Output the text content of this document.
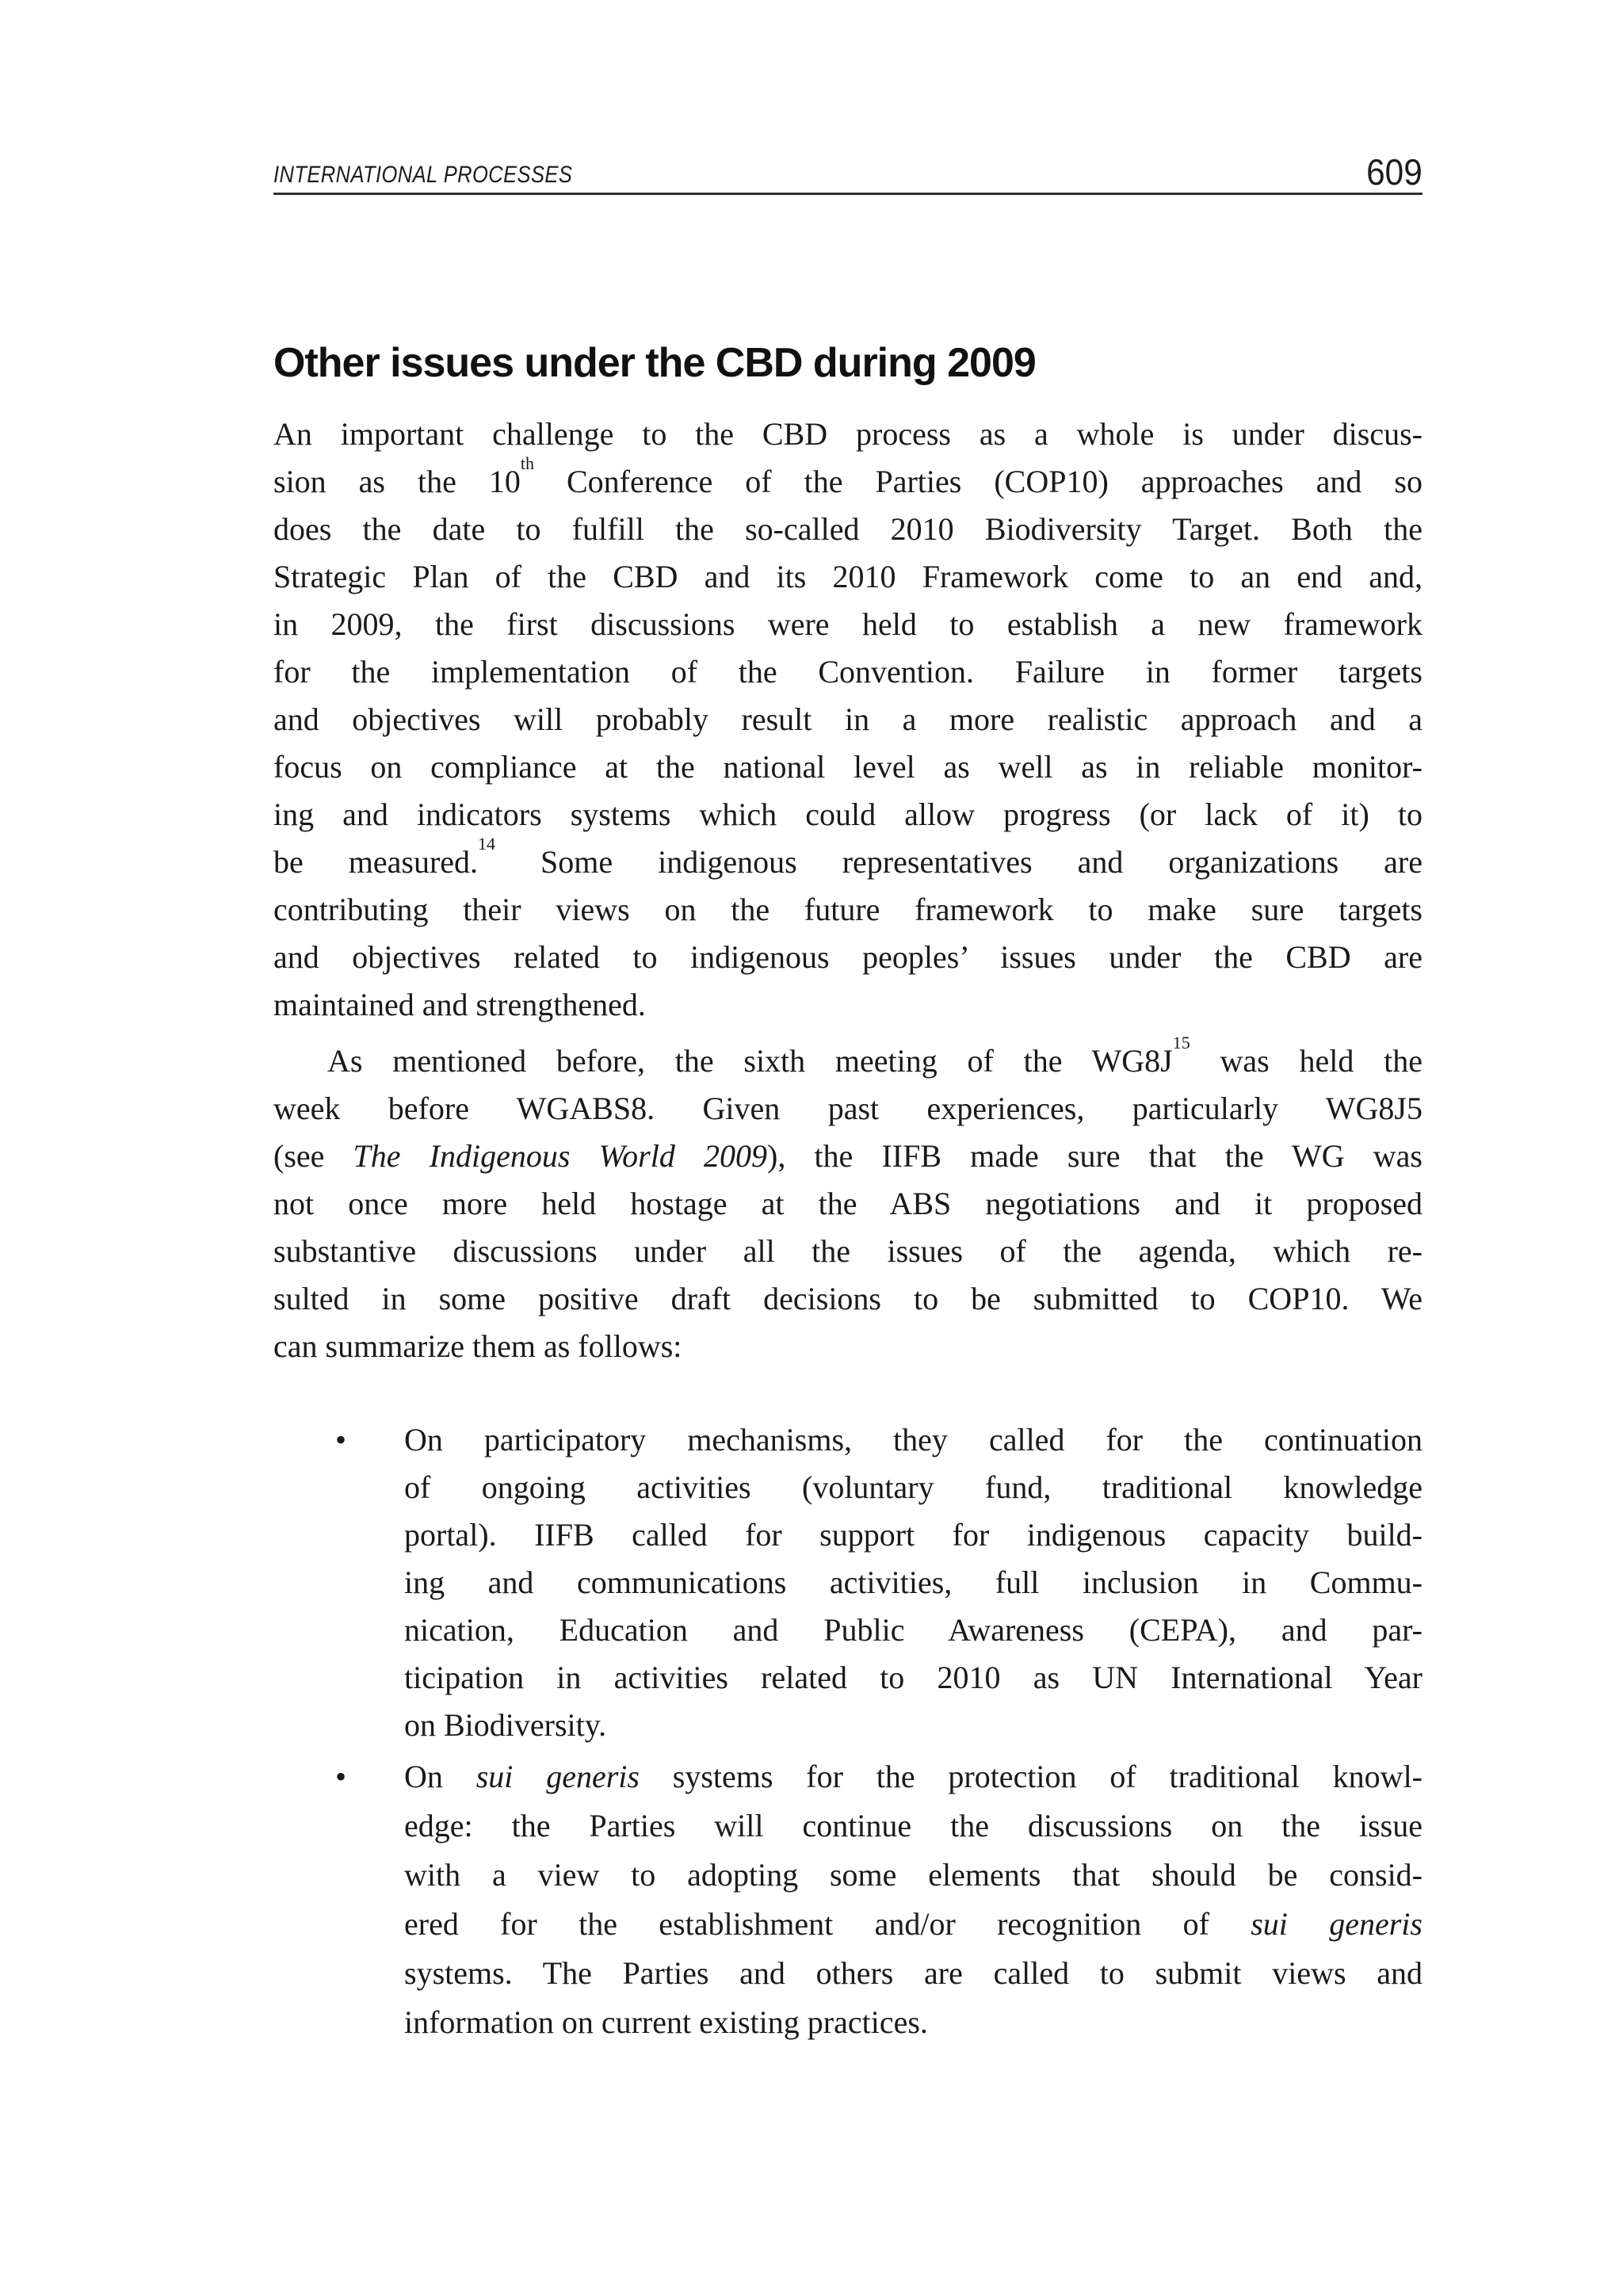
INTERNATIONAL PROCESSES	609
Other issues under the CBD during 2009
An important challenge to the CBD process as a whole is under discus-
sion as the 10th Conference of the Parties (COP10) approaches and so
does the date to fulfill the so-called 2010 Biodiversity Target. Both the
Strategic Plan of the CBD and its 2010 Framework come to an end and,
in 2009, the first discussions were held to establish a new framework
for the implementation of the Convention. Failure in former targets
and objectives will probably result in a more realistic approach and a
focus on compliance at the national level as well as in reliable monitor-
ing and indicators systems which could allow progress (or lack of it) to
be measured.$^{14}$ Some indigenous representatives and organizations are
contributing their views on the future framework to make sure targets
and objectives related to indigenous peoples’ issues under the CBD are
maintained and strengthened.
As mentioned before, the sixth meeting of the WG8J$^{15}$ was held the
week before WGABS8. Given past experiences, particularly WG8J5
(see The Indigenous World 2009), the IIFB made sure that the WG was
not once more held hostage at the ABS negotiations and it proposed
substantive discussions under all the issues of the agenda, which re-
sulted in some positive draft decisions to be submitted to COP10. We
can summarize them as follows:
• On participatory mechanisms, they called for the continuation
of ongoing activities (voluntary fund, traditional knowledge
portal). IIFB called for support for indigenous capacity build-
ing and communications activities, full inclusion in Commu-
nication, Education and Public Awareness (CEPA), and par-
ticipation in activities related to 2010 as UN International Year
on Biodiversity.
• On sui generis systems for the protection of traditional knowl-
edge: the Parties will continue the discussions on the issue
with a view to adopting some elements that should be consid-
ered for the establishment and/or recognition of sui generis
systems. The Parties and others are called to submit views and
information on current existing practices.
